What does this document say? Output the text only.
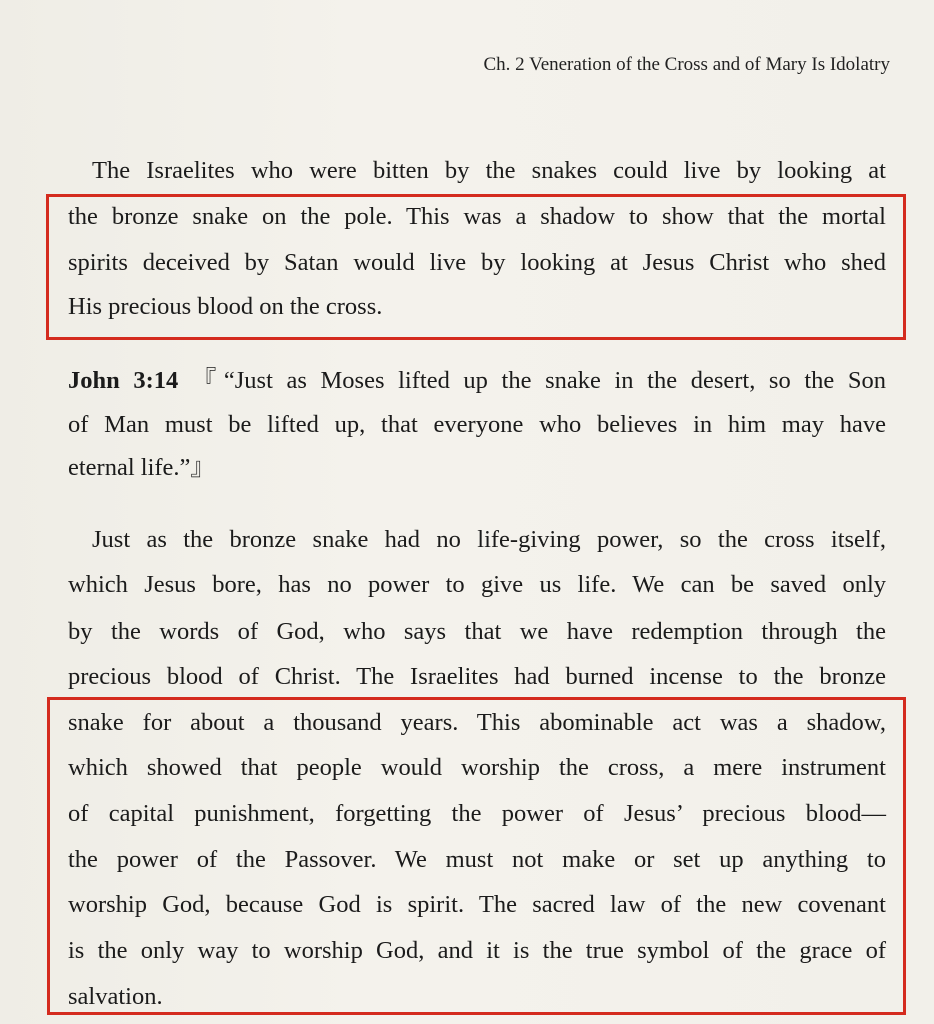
Ch. 2 Veneration of the Cross and of Mary Is Idolatry
The Israelites who were bitten by the snakes could live by looking at
the bronze snake on the pole. This was a shadow to show that the mortal
spirits deceived by Satan would live by looking at Jesus Christ who shed
His precious blood on the cross.
John 3:14 『“Just as Moses lifted up the snake in the desert, so the Son
of Man must be lifted up, that everyone who believes in him may have
eternal life.”』
Just as the bronze snake had no life-giving power, so the cross itself,
which Jesus bore, has no power to give us life. We can be saved only
by the words of God, who says that we have redemption through the
precious blood of Christ. The Israelites had burned incense to the bronze
snake for about a thousand years. This abominable act was a shadow,
which showed that people would worship the cross, a mere instrument
of capital punishment, forgetting the power of Jesus’ precious blood—
the power of the Passover. We must not make or set up anything to
worship God, because God is spirit. The sacred law of the new covenant
is the only way to worship God, and it is the true symbol of the grace of
salvation.
